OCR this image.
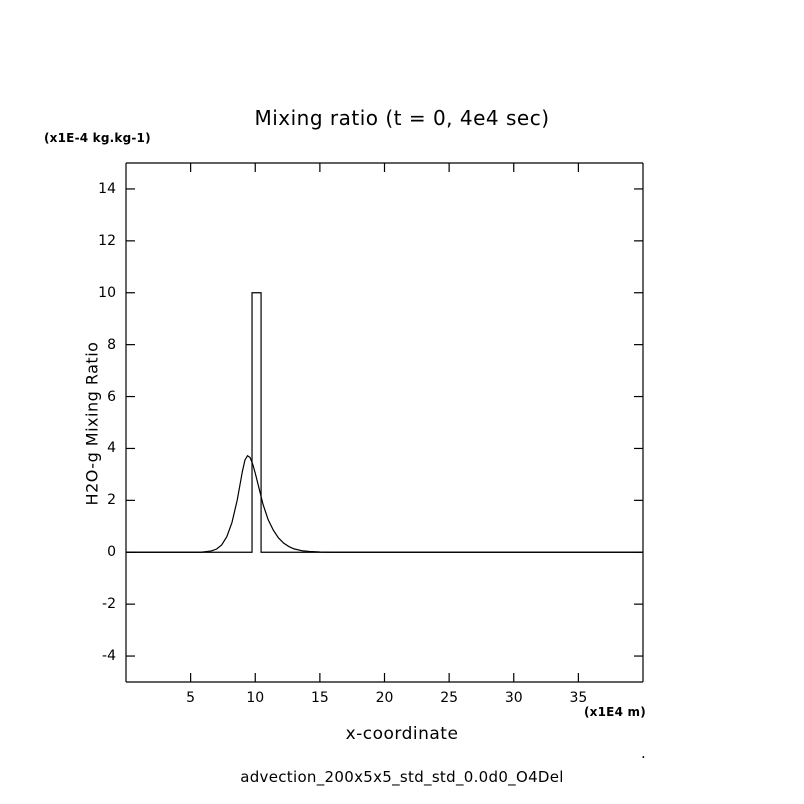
Mixing ratio (t = 0, 4e4 sec)
(x1E-4 kg.kg-1)
(x1E4 m)
x-coordinate
H2O-g Mixing Ratio
.
advection_200x5x5_std_std_0.0d0_O4Del
-4
-2
0
2
4
6
8
10
12
14
5	10	15	20	25	30	35
